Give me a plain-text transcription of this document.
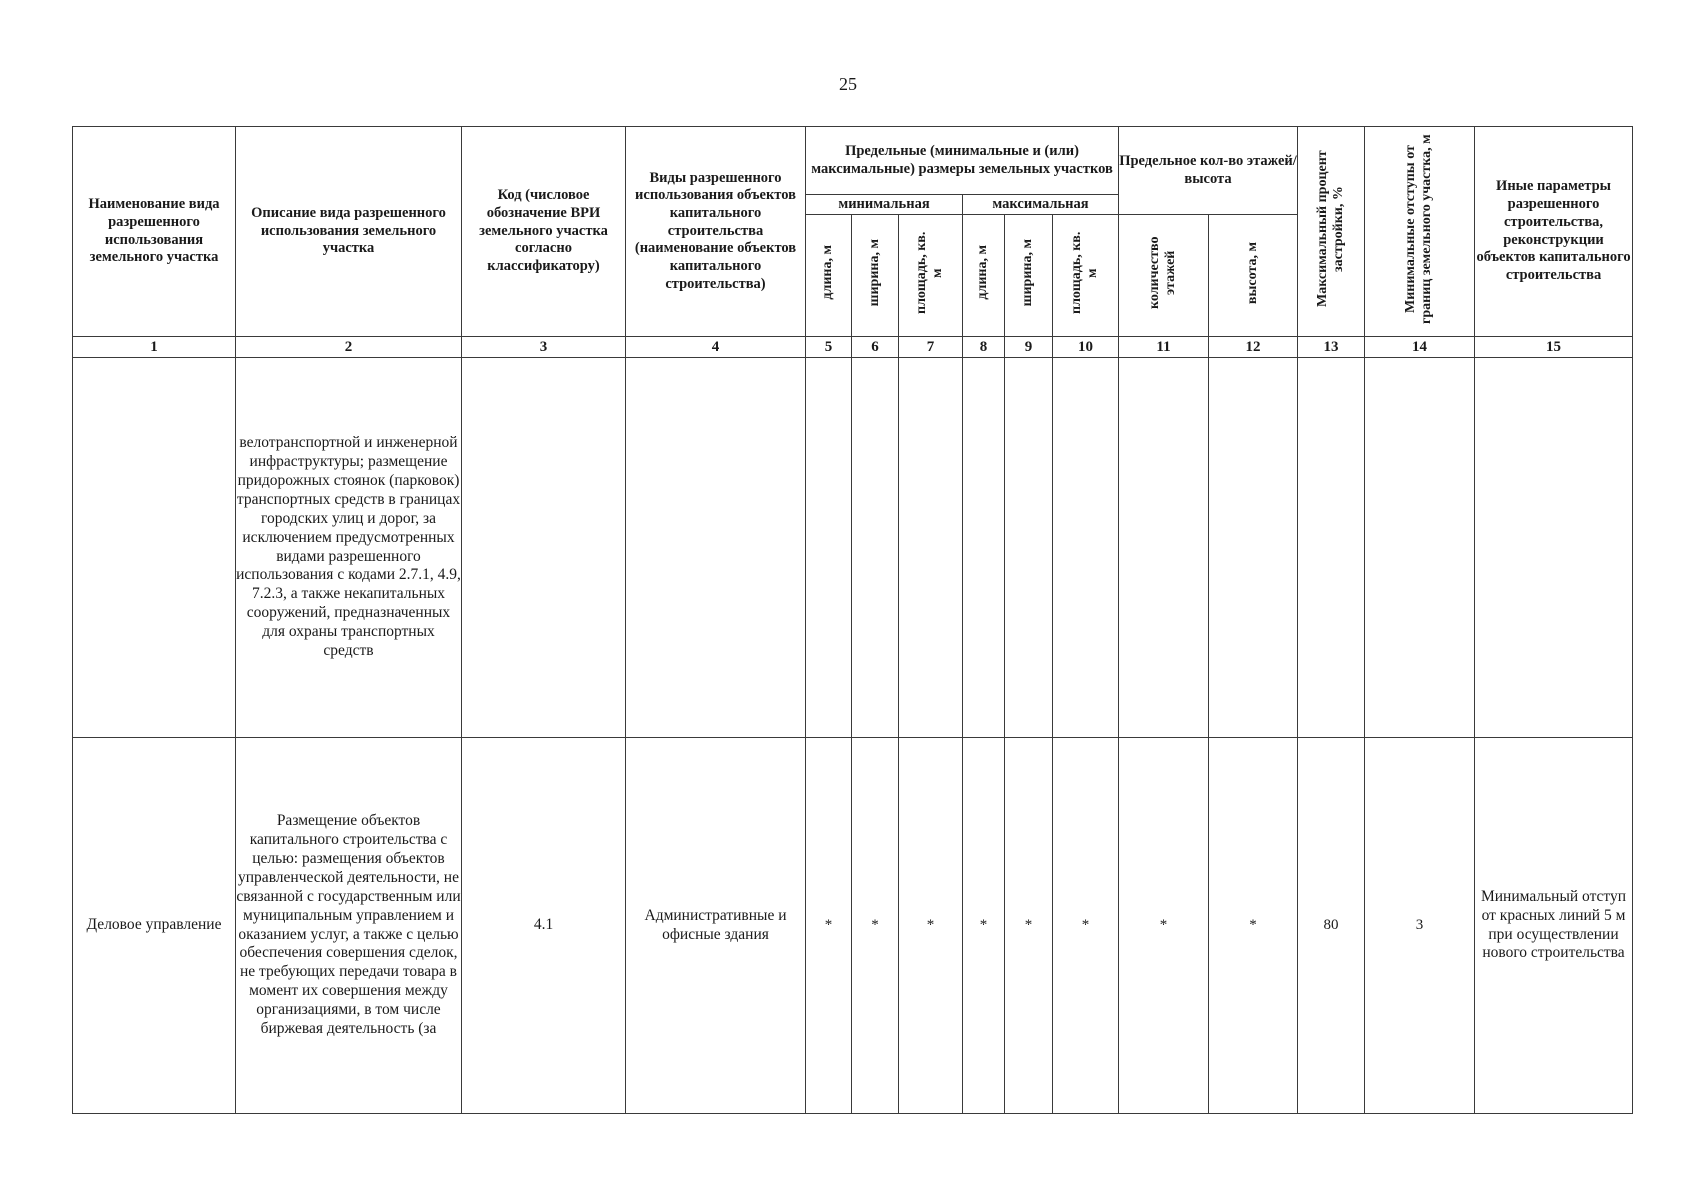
25
Наименование вида разрешенного использования земельного участка	Описание вида разрешенного использования земельного участка	Код (числовое обозначение ВРИ земельного участка согласно классификатору)	Виды разрешенного использования объектов капитального строительства (наименование объектов капитального строительства)	Предельные (минимальные и (или) максимальные) размеры земельных участков						Предельное кол-во этажей/высота		Максимальный процент застройки, %	Минимальные отступы от границ земельного участка, м	Иные параметры разрешенного строительства, реконструкции объектов капитального строительства
				минимальная			максимальная							
				длина, м	ширина, м	площадь, кв. м	длина, м	ширина, м	площадь, кв. м	количество этажей	высота, м			
1	2	3	4	5	6	7	8	9	10	11	12	13	14	15
	велотранспортной и инженерной инфраструктуры; размещение придорожных стоянок (парковок) транспортных средств в границах городских улиц и дорог, за исключением предусмотренных видами разрешенного использования с кодами 2.7.1, 4.9, 7.2.3, а также некапитальных сооружений, предназначенных для охраны транспортных средств													
Деловое управление	Размещение объектов капитального строительства с целью: размещения объектов управленческой деятельности, не связанной с государственным или муниципальным управлением и оказанием услуг, а также с целью обеспечения совершения сделок, не требующих передачи товара в момент их совершения между организациями, в том числе биржевая деятельность (за	4.1	Административные и офисные здания	*	*	*	*	*	*	*	*	80	3	Минимальный отступ от красных линий 5 м при осуществлении нового строительства
